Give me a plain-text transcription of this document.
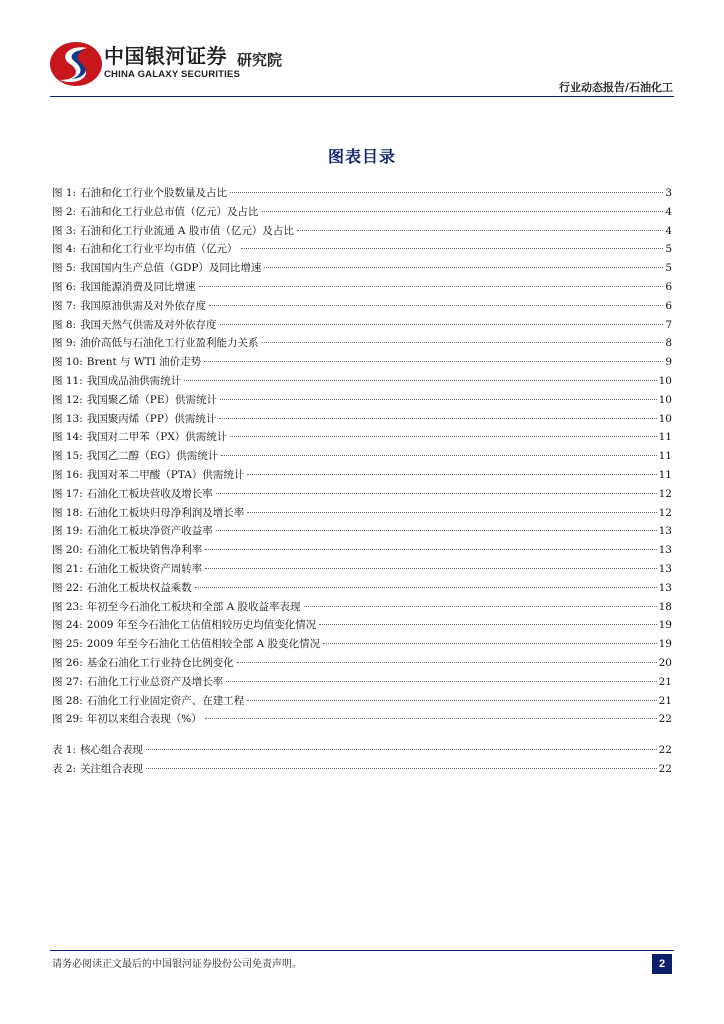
中国银河证券
CHINA GALAXY SECURITIES
研究院
行业动态报告/石油化工
图表目录
图 1: 石油和化工行业个股数量及占比	3
图 2: 石油和化工行业总市值（亿元）及占比	4
图 3: 石油和化工行业流通 A 股市值（亿元）及占比	4
图 4: 石油和化工行业平均市值（亿元）	5
图 5: 我国国内生产总值（GDP）及同比增速	5
图 6: 我国能源消费及同比增速	6
图 7: 我国原油供需及对外依存度	6
图 8: 我国天然气供需及对外依存度	7
图 9: 油价高低与石油化工行业盈利能力关系	8
图 10: Brent 与 WTI 油价走势	9
图 11: 我国成品油供需统计	10
图 12: 我国聚乙烯（PE）供需统计	10
图 13: 我国聚丙烯（PP）供需统计	10
图 14: 我国对二甲苯（PX）供需统计	11
图 15: 我国乙二醇（EG）供需统计	11
图 16: 我国对苯二甲酸（PTA）供需统计	11
图 17: 石油化工板块营收及增长率	12
图 18: 石油化工板块归母净利润及增长率	12
图 19: 石油化工板块净资产收益率	13
图 20: 石油化工板块销售净利率	13
图 21: 石油化工板块资产周转率	13
图 22: 石油化工板块权益乘数	13
图 23: 年初至今石油化工板块和全部 A 股收益率表现	18
图 24: 2009 年至今石油化工估值相较历史均值变化情况	19
图 25: 2009 年至今石油化工估值相较全部 A 股变化情况	19
图 26: 基金石油化工行业持仓比例变化	20
图 27: 石油化工行业总资产及增长率	21
图 28: 石油化工行业固定资产、在建工程	21
图 29: 年初以来组合表现（%）	22
表 1: 核心组合表现	22
表 2: 关注组合表现	22
请务必阅读正文最后的中国银河证券股份公司免责声明。	2
